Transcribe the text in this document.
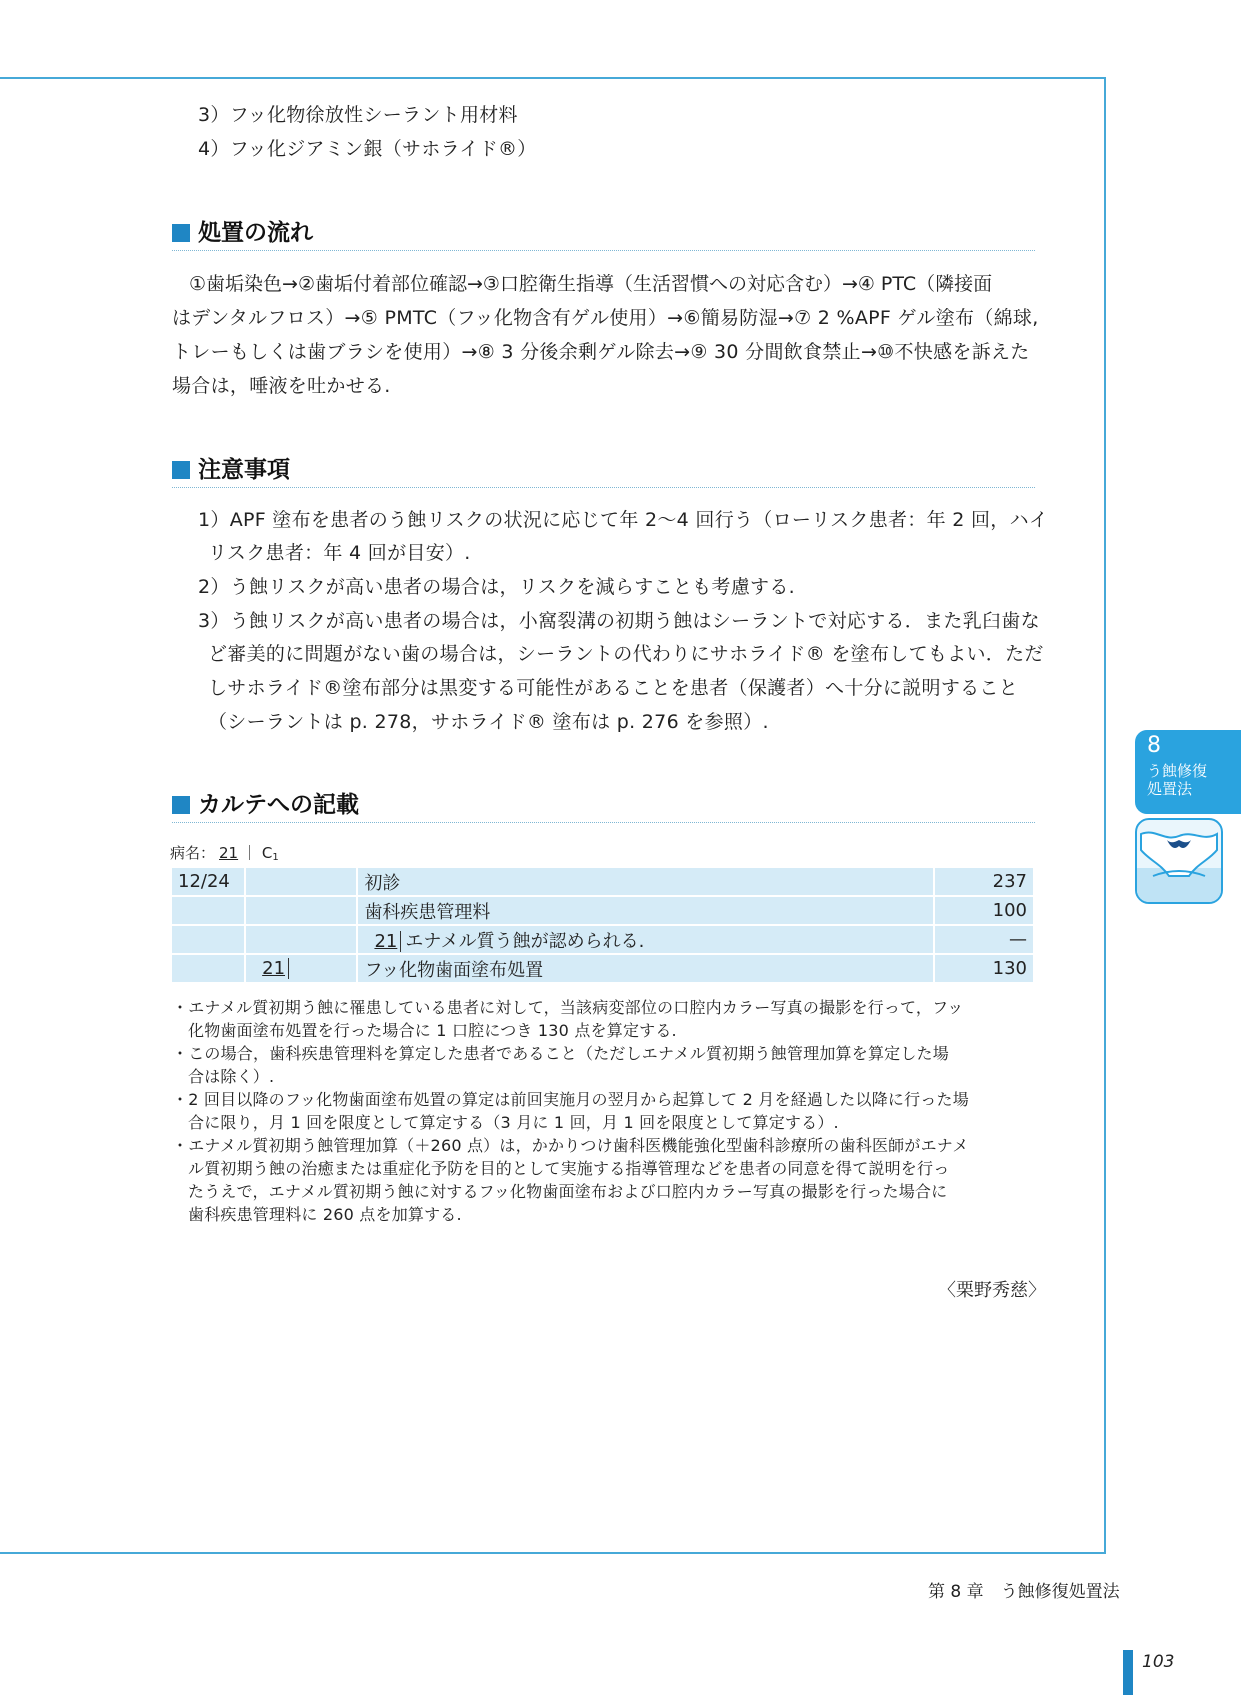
3）フッ化物徐放性シーラント用材料
4）フッ化ジアミン銀（サホライド®）
処置の流れ
①歯垢染色→②歯垢付着部位確認→③口腔衛生指導（生活習慣への対応含む）→④ PTC（隣接面
はデンタルフロス）→⑤ PMTC（フッ化物含有ゲル使用）→⑥簡易防湿→⑦ 2 %APF ゲル塗布（綿球,
トレーもしくは歯ブラシを使用）→⑧ 3 分後余剰ゲル除去→⑨ 30 分間飲食禁止→⑩不快感を訴えた
場合は，唾液を吐かせる.
注意事項
1）APF 塗布を患者のう蝕リスクの状況に応じて年 2～4 回行う（ローリスク患者：年 2 回，ハイ
リスク患者：年 4 回が目安）.
2）う蝕リスクが高い患者の場合は，リスクを減らすことも考慮する.
3）う蝕リスクが高い患者の場合は，小窩裂溝の初期う蝕はシーラントで対応する．また乳臼歯な
ど審美的に問題がない歯の場合は，シーラントの代わりにサホライド® を塗布してもよい．ただ
しサホライド®塗布部分は黒変する可能性があることを患者（保護者）へ十分に説明すること
（シーラントは p. 278，サホライド® 塗布は p. 276 を参照）.
カルテへの記載
病名： 21 ｜ $C_1$
12/24		初診	237
		歯科疾患管理料	100
		21 エナメル質う蝕が認められる.	—
	21	フッ化物歯面塗布処置	130
・エナメル質初期う蝕に罹患している患者に対して，当該病変部位の口腔内カラー写真の撮影を行って，フッ
化物歯面塗布処置を行った場合に 1 口腔につき 130 点を算定する.
・この場合，歯科疾患管理料を算定した患者であること（ただしエナメル質初期う蝕管理加算を算定した場
合は除く）.
・2 回目以降のフッ化物歯面塗布処置の算定は前回実施月の翌月から起算して 2 月を経過した以降に行った場
合に限り，月 1 回を限度として算定する（3 月に 1 回，月 1 回を限度として算定する）.
・エナメル質初期う蝕管理加算（＋260 点）は，かかりつけ歯科医機能強化型歯科診療所の歯科医師がエナメ
ル質初期う蝕の治癒または重症化予防を目的として実施する指導管理などを患者の同意を得て説明を行っ
たうえで，エナメル質初期う蝕に対するフッ化物歯面塗布および口腔内カラー写真の撮影を行った場合に
歯科疾患管理料に 260 点を加算する.
〈栗野秀慈〉
8
う蝕修復
処置法
第 8 章　う蝕修復処置法
103
